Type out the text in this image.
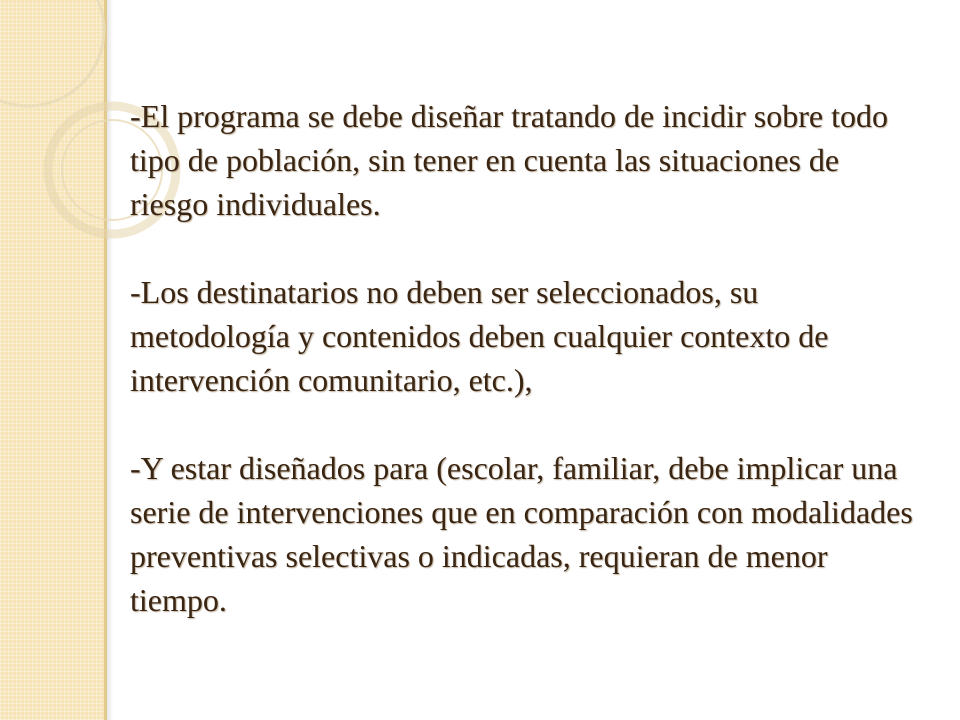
-El programa se debe diseñar tratando de incidir sobre todo tipo de población, sin tener en cuenta las situaciones de riesgo individuales.

-Los destinatarios no deben ser seleccionados, su metodología y contenidos deben cualquier contexto de intervención comunitario, etc.),

-Y estar diseñados para (escolar, familiar, debe implicar una serie de intervenciones que en comparación con modalidades preventivas selectivas o indicadas, requieran de menor tiempo.
